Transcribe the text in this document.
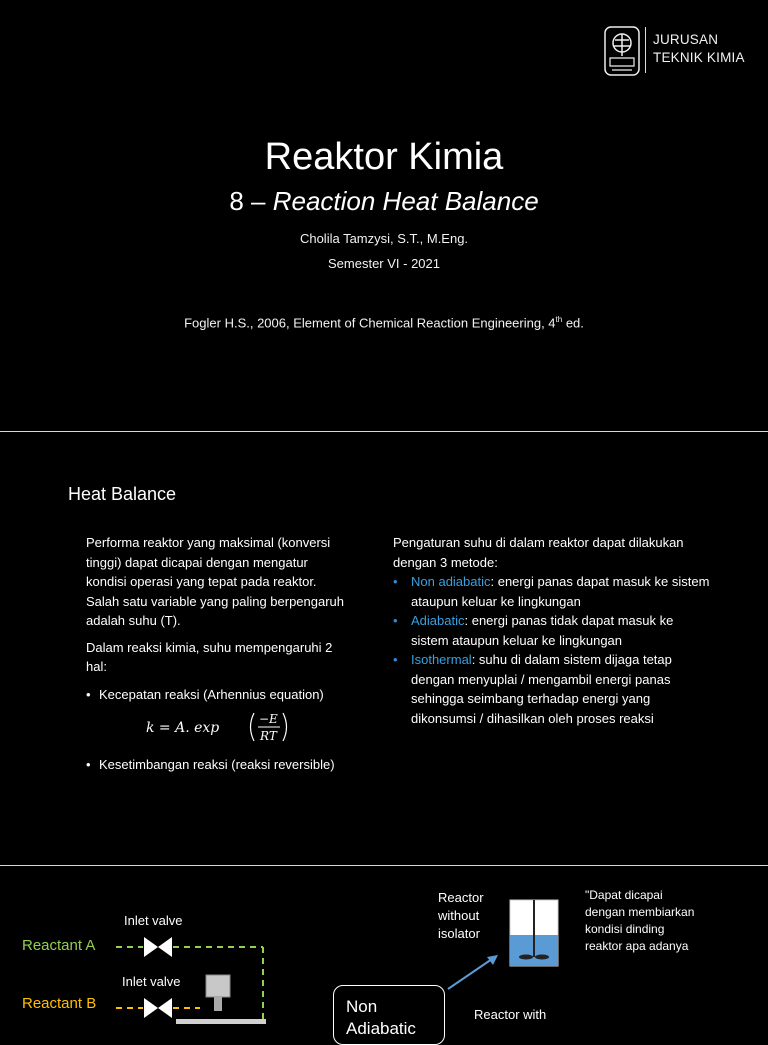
JURUSAN
TEKNIK KIMIA
Reaktor Kimia
8 – Reaction Heat Balance
Cholila Tamzysi, S.T., M.Eng.
Semester VI - 2021
Fogler H.S., 2006, Element of Chemical Reaction Engineering, 4th ed.
Heat Balance

Performa reaktor yang maksimal (konversi tinggi) dapat dicapai dengan mengatur kondisi operasi yang tepat pada reaktor. Salah satu variable yang paling berpengaruh adalah suhu (T).

Dalam reaksi kimia, suhu mempengaruhi 2 hal:

• Kecepatan reaksi (Arhennius equation)
k = A. exp
−E
RT
• Kesetimbangan reaksi (reaksi reversible)

Pengaturan suhu di dalam reaktor dapat dilakukan dengan 3 metode:

• Non adiabatic: energi panas dapat masuk ke sistem ataupun keluar ke lingkungan
• Adiabatic: energi panas tidak dapat masuk ke sistem ataupun keluar ke lingkungan
• Isothermal: suhu di dalam sistem dijaga tetap dengan menyuplai / mengambil energi panas sehingga seimbang terhadap energi yang dikonsumsi / dihasilkan oleh proses reaksi
Inlet valve
Inlet valve
Reactant A
Reactant B
Reactor
without
isolator
Reactor with
Non
Adiabatic
"Dapat dicapai dengan membiarkan kondisi dinding reaktor apa adanya
